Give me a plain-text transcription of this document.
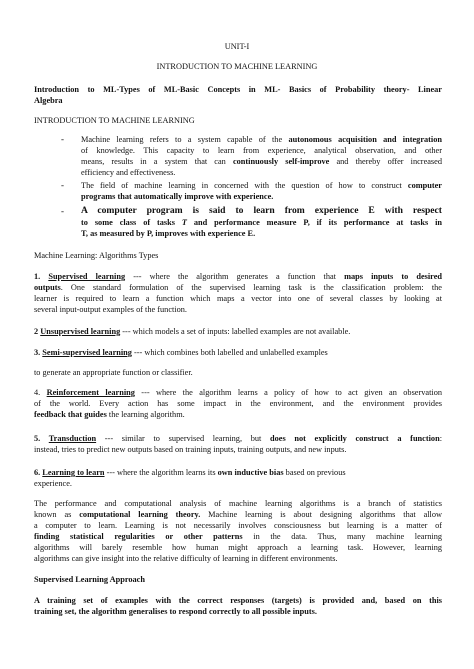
UNIT-I
INTRODUCTION TO MACHINE LEARNING
Introduction to ML-Types of ML-Basic Concepts in ML- Basics of Probability theory- Linear
Algebra
INTRODUCTION TO MACHINE LEARNING
- Machine learning refers to a system capable of the autonomous acquisition and integration
of knowledge. This capacity to learn from experience, analytical observation, and other
means, results in a system that can continuously self-improve and thereby offer increased
efficiency and effectiveness.
- The field of machine learning in concerned with the question of how to construct computer
programs that automatically improve with experience.
- A computer program is said to learn from experience E with respect
to some class of tasks T and performance measure P, if its performance at tasks in
T, as measured by P, improves with experience E.
Machine Learning: Algorithms Types
1. Supervised learning --- where the algorithm generates a function that maps inputs to desired
outputs. One standard formulation of the supervised learning task is the classification problem: the
learner is required to learn a function which maps a vector into one of several classes by looking at
several input-output examples of the function.
2 Unsupervised learning --- which models a set of inputs: labelled examples are not available.
3. Semi-supervised learning --- which combines both labelled and unlabelled examples
to generate an appropriate function or classifier.
4. Reinforcement learning --- where the algorithm learns a policy of how to act given an observation
of the world. Every action has some impact in the environment, and the environment provides
feedback that guides the learning algorithm.
5. Transduction --- similar to supervised learning, but does not explicitly construct a function:
instead, tries to predict new outputs based on training inputs, training outputs, and new inputs.
6. Learning to learn --- where the algorithm learns its own inductive bias based on previous
experience.
The performance and computational analysis of machine learning algorithms is a branch of statistics
known as computational learning theory. Machine learning is about designing algorithms that allow
a computer to learn. Learning is not necessarily involves consciousness but learning is a matter of
finding statistical regularities or other patterns in the data. Thus, many machine learning
algorithms will barely resemble how human might approach a learning task. However, learning
algorithms can give insight into the relative difficulty of learning in different environments.
Supervised Learning Approach
A training set of examples with the correct responses (targets) is provided and, based on this
training set, the algorithm generalises to respond correctly to all possible inputs.
